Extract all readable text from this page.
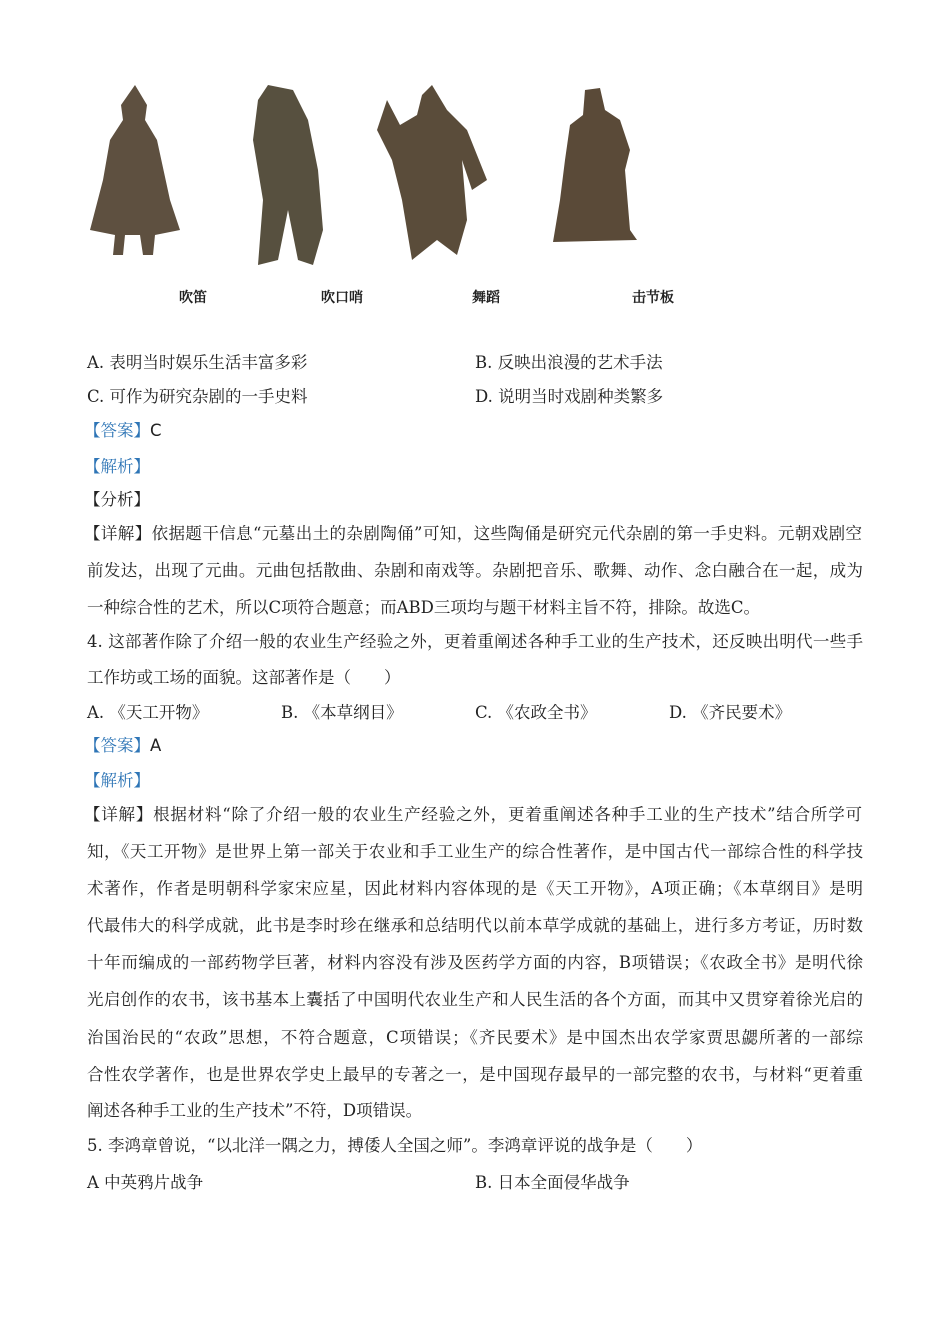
吹笛	吹口哨	舞蹈	击节板
A. 表明当时娱乐生活丰富多彩	B. 反映出浪漫的艺术手法
C. 可作为研究杂剧的一手史料	D. 说明当时戏剧种类繁多
【答案】C
【解析】
【分析】
【详解】依据题干信息“元墓出土的杂剧陶俑”可知，这些陶俑是研究元代杂剧的第一手史料。元朝戏剧空
前发达，出现了元曲。元曲包括散曲、杂剧和南戏等。杂剧把音乐、歌舞、动作、念白融合在一起，成为
一种综合性的艺术，所以C项符合题意；而ABD三项均与题干材料主旨不符，排除。故选C。
4. 这部著作除了介绍一般的农业生产经验之外，更着重阐述各种手工业的生产技术，还反映出明代一些手
工作坊或工场的面貌。这部著作是（　　）
A. 《天工开物》	B. 《本草纲目》	C. 《农政全书》	D. 《齐民要术》
【答案】A
【解析】
【详解】根据材料“除了介绍一般的农业生产经验之外，更着重阐述各种手工业的生产技术”结合所学可
知，《天工开物》是世界上第一部关于农业和手工业生产的综合性著作，是中国古代一部综合性的科学技
术著作，作者是明朝科学家宋应星，因此材料内容体现的是《天工开物》，A项正确；《本草纲目》是明
代最伟大的科学成就，此书是李时珍在继承和总结明代以前本草学成就的基础上，进行多方考证，历时数
十年而编成的一部药物学巨著，材料内容没有涉及医药学方面的内容，B项错误；《农政全书》是明代徐
光启创作的农书，该书基本上囊括了中国明代农业生产和人民生活的各个方面，而其中又贯穿着徐光启的
治国治民的“农政”思想，不符合题意，C项错误；《齐民要术》是中国杰出农学家贾思勰所著的一部综
合性农学著作，也是世界农学史上最早的专著之一，是中国现存最早的一部完整的农书，与材料“更着重
阐述各种手工业的生产技术”不符，D项错误。
5. 李鸿章曾说，“以北洋一隅之力，搏倭人全国之师”。李鸿章评说的战争是（　　）
A 中英鸦片战争	B. 日本全面侵华战争
